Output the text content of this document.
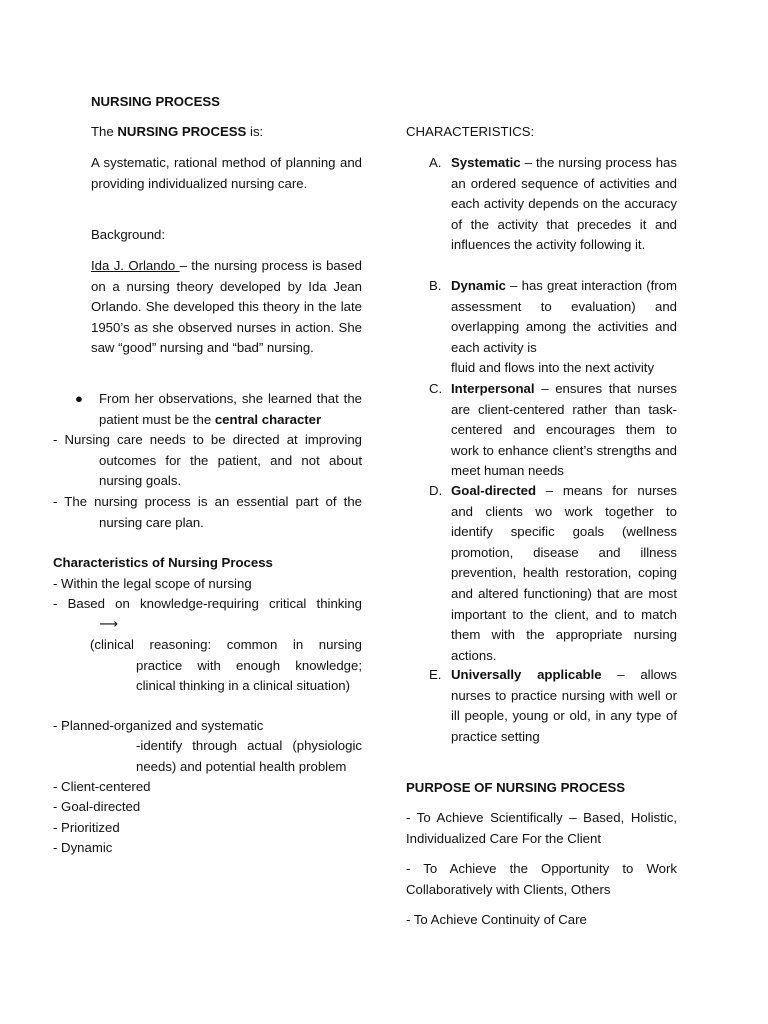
NURSING PROCESS
The NURSING PROCESS is:

A systematic, rational method of planning and providing individualized nursing care.

Background:

Ida J. Orlando – the nursing process is based on a nursing theory developed by Ida Jean Orlando. She developed this theory in the late 1950’s as she observed nurses in action. She saw “good” nursing and “bad” nursing.

● From her observations, she learned that the patient must be the central character

- Nursing care needs to be directed at improving outcomes for the patient, and not about nursing goals.

- The nursing process is an essential part of the nursing care plan.

Characteristics of Nursing Process
- Within the legal scope of nursing

- Based on knowledge-requiring critical thinking

⟶

(clinical reasoning: common in nursing practice with enough knowledge; clinical thinking in a clinical situation)

- Planned-organized and systematic

-identify through actual (physiologic needs) and potential health problem

- Client-centered
- Goal-directed
- Prioritized
- Dynamic
CHARACTERISTICS:
A. Systematic – the nursing process has an ordered sequence of activities and each activity depends on the accuracy of the activity that precedes it and influences the activity following it.

B. Dynamic – has great interaction (from assessment to evaluation) and overlapping among the activities and each activity is

fluid and flows into the next activity

C. Interpersonal – ensures that nurses are client-centered rather than task-centered and encourages them to work to enhance client’s strengths and meet human needs

D. Goal-directed – means for nurses and clients wo work together to identify specific goals (wellness promotion, disease and illness prevention, health restoration, coping and altered functioning) that are most important to the client, and to match them with the appropriate nursing actions.

E. Universally applicable – allows nurses to practice nursing with well or ill people, young or old, in any type of practice setting

PURPOSE OF NURSING PROCESS

- To Achieve Scientifically – Based, Holistic, Individualized Care For the Client

- To Achieve the Opportunity to Work Collaboratively with Clients, Others

- To Achieve Continuity of Care
